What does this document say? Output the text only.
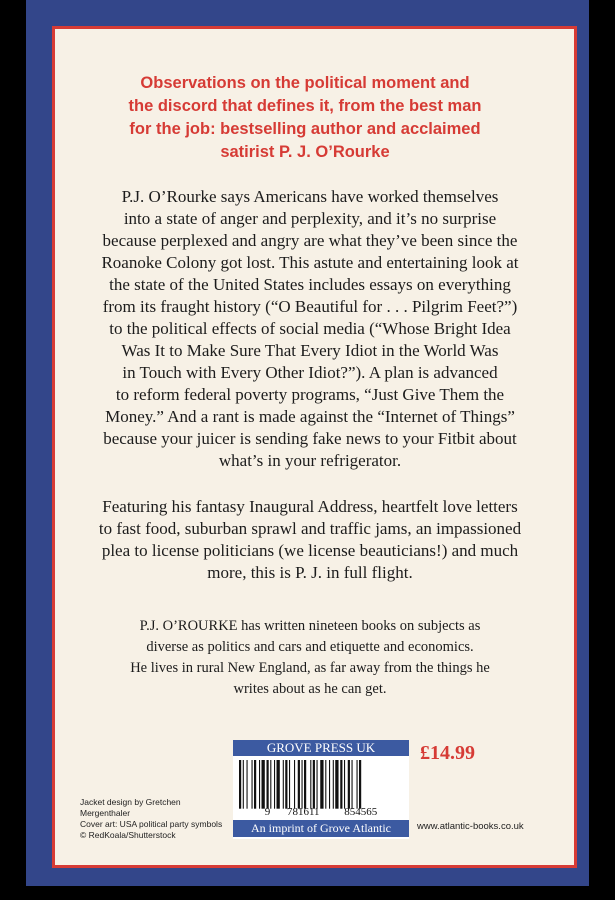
Observations on the political moment and
the discord that defines it, from the best man
for the job: bestselling author and acclaimed
satirist P. J. O’Rourke

P.J. O’Rourke says Americans have worked themselves
into a state of anger and perplexity, and it’s no surprise
because perplexed and angry are what they’ve been since the
Roanoke Colony got lost. This astute and entertaining look at
the state of the United States includes essays on everything
from its fraught history (“O Beautiful for . . . Pilgrim Feet?”)
to the political effects of social media (“Whose Bright Idea
Was It to Make Sure That Every Idiot in the World Was
in Touch with Every Other Idiot?”). A plan is advanced
to reform federal poverty programs, “Just Give Them the
Money.” And a rant is made against the “Internet of Things”
because your juicer is sending fake news to your Fitbit about
what’s in your refrigerator.

Featuring his fantasy Inaugural Address, heartfelt love letters
to fast food, suburban sprawl and traffic jams, an impassioned
plea to license politicians (we license beauticians!) and much
more, this is P. J. in full flight.

P.J. O’ROURKE has written nineteen books on subjects as
diverse as politics and cars and etiquette and economics.
He lives in rural New England, as far away from the things he
writes about as he can get.

GROVE PRESS UK
9 781611 854565
An imprint of Grove Atlantic
£14.99

Jacket design by Gretchen Mergenthaler
Cover art: USA political party symbols
© RedKoala/Shutterstock

www.atlantic-books.co.uk
